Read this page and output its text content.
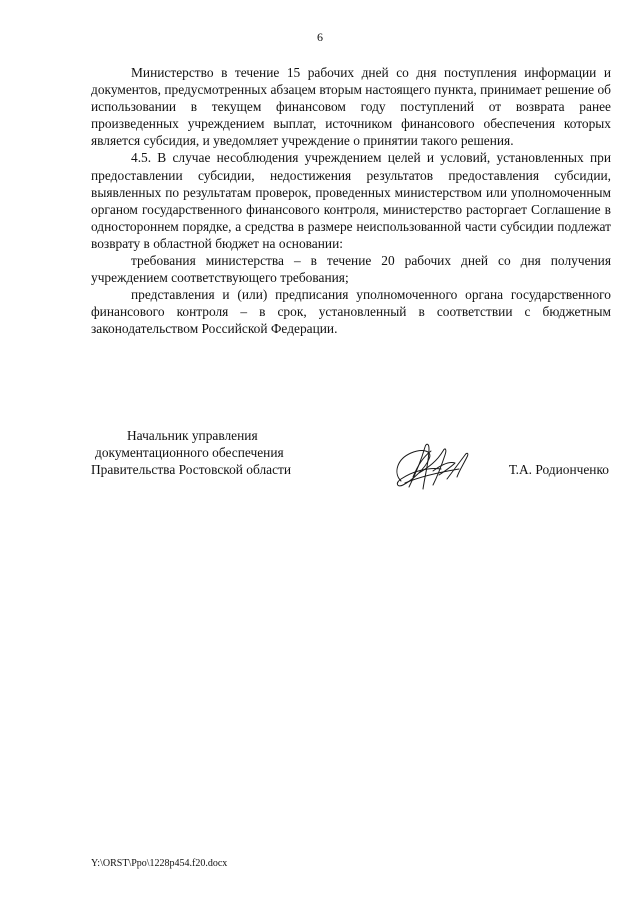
6

Министерство в течение 15 рабочих дней со дня поступления информации и документов, предусмотренных абзацем вторым настоящего пункта, принимает решение об использовании в текущем финансовом году поступлений от возврата ранее произведенных учреждением выплат, источником финансового обеспечения которых является субсидия, и уведомляет учреждение о принятии такого решения.

4.5. В случае несоблюдения учреждением целей и условий, установленных при предоставлении субсидии, недостижения результатов предоставления субсидии, выявленных по результатам проверок, проведенных министерством или уполномоченным органом государственного финансового контроля, министерство расторгает Соглашение в одностороннем порядке, а средства в размере неиспользованной части субсидии подлежат возврату в областной бюджет на основании:

требования министерства – в течение 20 рабочих дней со дня получения учреждением соответствующего требования;

представления и (или) предписания уполномоченного органа государственного финансового контроля – в срок, установленный в соответствии с бюджетным законодательством Российской Федерации.

Начальник управления
документационного обеспечения
Правительства Ростовской области	Т.А. Родионченко
Y:\ORST\Ppo\1228p454.f20.docx
